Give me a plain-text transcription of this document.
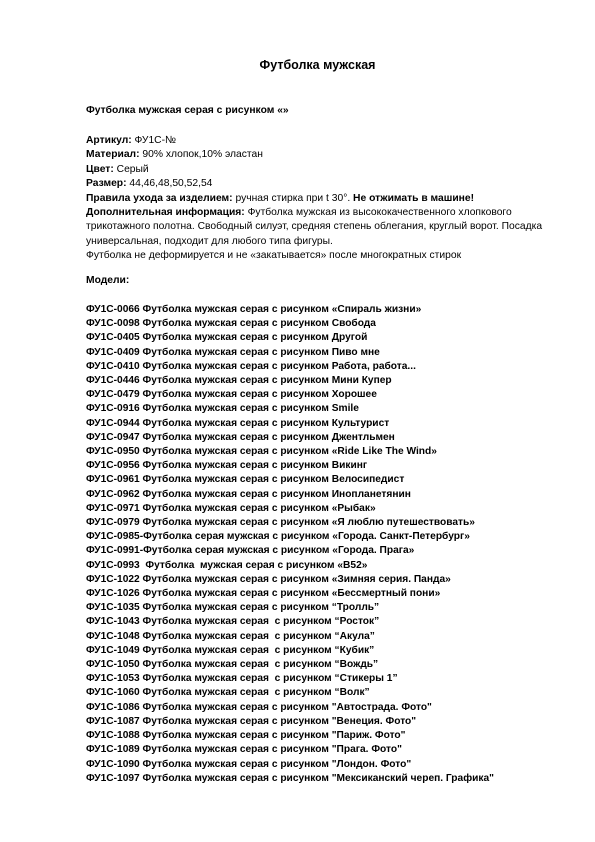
Футболка мужская
Футболка мужская серая с рисунком «»
Артикул: ФУ1С-№
Материал: 90% хлопок,10% эластан
Цвет: Серый
Размер: 44,46,48,50,52,54
Правила ухода за изделием: ручная стирка при t 30°. Не отжимать в машине!
Дополнительная информация: Футболка мужская из высококачественного хлопкового трикотажного полотна. Свободный силуэт, средняя степень облегания, круглый ворот. Посадка универсальная, подходит для любого типа фигуры.
Футболка не деформируется и не «закатывается» после многократных стирок
Модели:
ФУ1С-0066 Футболка мужская серая с рисунком «Спираль жизни»
ФУ1С-0098 Футболка мужская серая с рисунком Свобода
ФУ1С-0405 Футболка мужская серая с рисунком Другой
ФУ1С-0409 Футболка мужская серая с рисунком Пиво мне
ФУ1С-0410 Футболка мужская серая с рисунком Работа, работа...
ФУ1С-0446 Футболка мужская серая с рисунком Мини Купер
ФУ1С-0479 Футболка мужская серая с рисунком Хорошее
ФУ1С-0916 Футболка мужская серая с рисунком Smile
ФУ1С-0944 Футболка мужская серая с рисунком Культурист
ФУ1С-0947 Футболка мужская серая с рисунком Джентльмен
ФУ1С-0950 Футболка мужская серая с рисунком «Ride Like The Wind»
ФУ1С-0956 Футболка мужская серая с рисунком Викинг
ФУ1С-0961 Футболка мужская серая с рисунком Велосипедист
ФУ1С-0962 Футболка мужская серая с рисунком Инопланетянин
ФУ1С-0971 Футболка мужская серая с рисунком «Рыбак»
ФУ1С-0979 Футболка мужская серая с рисунком «Я люблю путешествовать»
ФУ1С-0985-Футболка серая мужская с рисунком «Города. Санкт-Петербург»
ФУ1С-0991-Футболка серая мужская с рисунком «Города. Прага»
ФУ1С-0993  Футболка  мужская серая с рисунком «B52»
ФУ1С-1022 Футболка мужская серая с рисунком «Зимняя серия. Панда»
ФУ1С-1026 Футболка мужская серая с рисунком «Бессмертный пони»
ФУ1С-1035 Футболка мужская серая с рисунком “Тролль”
ФУ1С-1043 Футболка мужская серая  с рисунком “Росток”
ФУ1С-1048 Футболка мужская серая  с рисунком “Акула”
ФУ1С-1049 Футболка мужская серая  с рисунком “Кубик”
ФУ1С-1050 Футболка мужская серая  с рисунком “Вождь”
ФУ1С-1053 Футболка мужская серая  с рисунком “Стикеры 1”
ФУ1С-1060 Футболка мужская серая  с рисунком “Волк”
ФУ1С-1086 Футболка мужская серая с рисунком "Автострада. Фото"
ФУ1С-1087 Футболка мужская серая с рисунком "Венеция. Фото"
ФУ1С-1088 Футболка мужская серая с рисунком "Париж. Фото"
ФУ1С-1089 Футболка мужская серая с рисунком "Прага. Фото"
ФУ1С-1090 Футболка мужская серая с рисунком "Лондон. Фото"
ФУ1С-1097 Футболка мужская серая с рисунком "Мексиканский череп. Графика"
